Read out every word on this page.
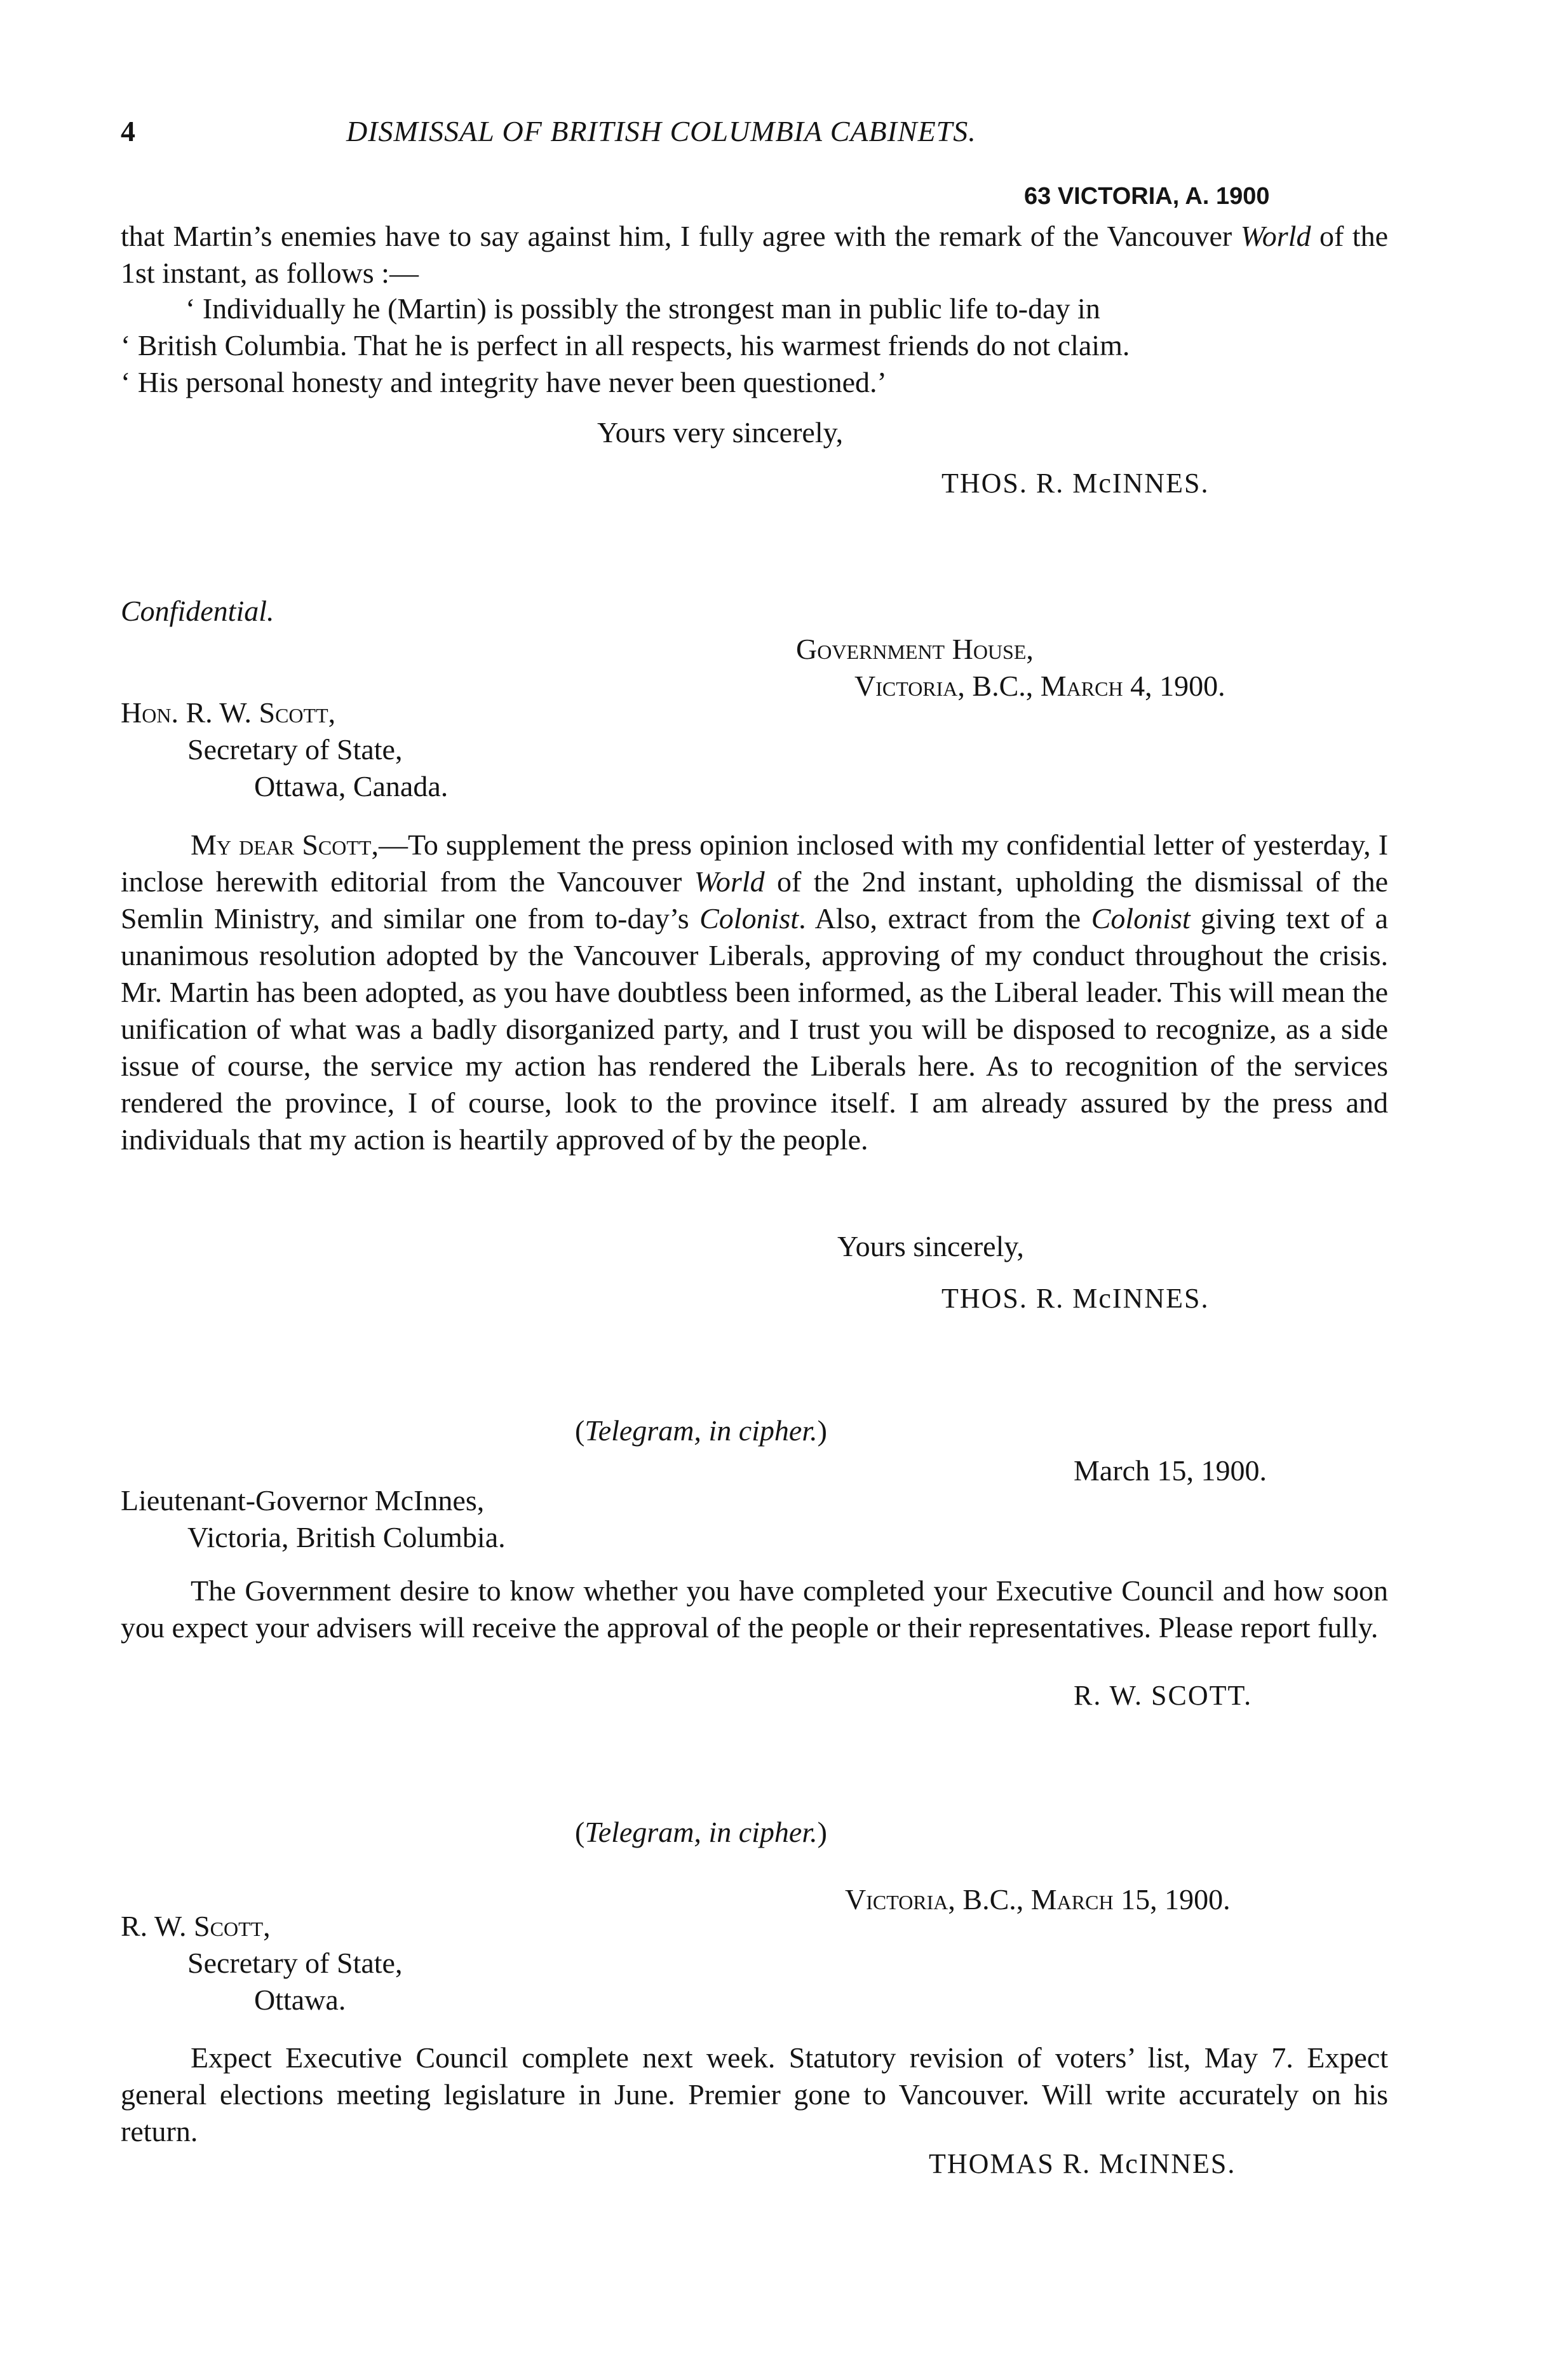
4	DISMISSAL OF BRITISH COLUMBIA CABINETS.
63 VICTORIA, A. 1900

that Martin’s enemies have to say against him, I fully agree with the remark of the Vancouver World of the 1st instant, as follows :—

‘ Individually he (Martin) is possibly the strongest man in public life to-day in
‘ British Columbia. That he is perfect in all respects, his warmest friends do not claim.
‘ His personal honesty and integrity have never been questioned.’
Yours very sincerely,
THOS. R. McINNES.
Confidential.
Government House,
Victoria, B.C., March 4, 1900.
Hon. R. W. Scott,
Secretary of State,
Ottawa, Canada.

My dear Scott,—To supplement the press opinion inclosed with my confidential letter of yesterday, I inclose herewith editorial from the Vancouver World of the 2nd instant, upholding the dismissal of the Semlin Ministry, and similar one from to-day’s Colonist. Also, extract from the Colonist giving text of a unanimous resolution adopted by the Vancouver Liberals, approving of my conduct throughout the crisis. Mr. Martin has been adopted, as you have doubtless been informed, as the Liberal leader. This will mean the unification of what was a badly disorganized party, and I trust you will be disposed to recognize, as a side issue of course, the service my action has rendered the Liberals here. As to recognition of the services rendered the province, I of course, look to the province itself. I am already assured by the press and individuals that my action is heartily approved of by the people.

Yours sincerely,
THOS. R. McINNES.
(Telegram, in cipher.)
March 15, 1900.
Lieutenant-Governor McInnes,
Victoria, British Columbia.

The Government desire to know whether you have completed your Executive Council and how soon you expect your advisers will receive the approval of the people or their representatives. Please report fully.

R. W. SCOTT.
(Telegram, in cipher.)
Victoria, B.C., March 15, 1900.
R. W. Scott,
Secretary of State,
Ottawa.

Expect Executive Council complete next week. Statutory revision of voters’ list, May 7. Expect general elections meeting legislature in June. Premier gone to Vancouver. Will write accurately on his return.

THOMAS R. McINNES.
